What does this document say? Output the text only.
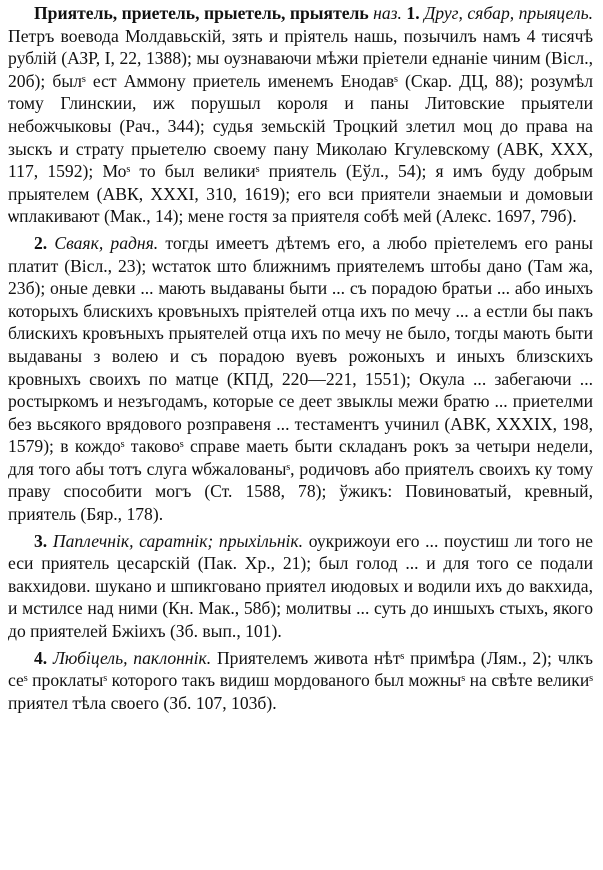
Приятель, приетель, прыетель, прыятель наз. 1. Друг, сябар, прыяцель. Петръ воевода Молдавьскій, зять и пріятель нашь, позычилъ намъ 4 тисячѣ рублій (АЗР, I, 22, 1388); мы оузнаваючи мѣжи пріетели еднаніе чиним (Вісл., 20б); былˢ ест Аммону приетель именемъ Енодавˢ (Скар. ДЦ, 88); розумѣл тому Глинскии, иж порушыл короля и паны Литовские прыятели небожчыковы (Рач., 344); судья земьскій Троцкий злетил моц до права на зыскъ и страту прыетелю своему пану Миколаю Кгулевскому (АВК, ХХХ, 117, 1592); Моˢ то был великиˢ приятель (Еўл., 54); я имъ буду добрым прыятелем (АВК, ХХХI, 310, 1619); его вси приятели знаемыи и домовыи ѡплакивают (Мак., 14); мене гостя за приятеля собѣ мей (Алекс. 1697, 79б).

2. Сваяк, радня. тогды имеетъ дѣтемъ его, а любо прiетелемъ его раны платит (Вісл., 23); ѡстаток што ближнимъ приятелемъ штобы дано (Там жа, 23б); оные девки ... мають выдаваны быти ... съ порадою братьи ... або иныхъ которыхъ блискихъ кровъныхъ пріятелей отца ихъ по мечу ... а естли бы пакъ блискихъ кровъныхъ прыятелей отца ихъ по мечу не было, тогды мають быти выдаваны з волею и съ порадою вуевъ рожоныхъ и иныхъ близскихъ кровныхъ своихъ по матце (КПД, 220—221, 1551); Окула ... забегаючи ... ростыркомъ и незъгодамъ, которые се деет звыклы межи братю ... приетелми без вьсякого врядового розправеня ... тестаментъ учинил (АВК, ХХХIХ, 198, 1579); в кождоˢ таковоˢ справе маеть быти складанъ рокъ за четыри недели, для того абы тотъ слуга ѡбжалованыˢ, родичовъ або приятелъ своихъ ку тому праву способити могъ (Ст. 1588, 78); ўжикъ: Повиноватый, кревный, приятель (Бяр., 178).

3. Паплечнік, саратнік; прыхільнік. оукрижоуи его ... поустиш ли того не еси приятель цесарскій (Пак. Хр., 21); был голод ... и для того се подали вакхидови. шукано и шпикговано приятел июдовых и водили ихъ до вакхида, и мстилсе над ними (Кн. Мак., 58б); молитвы ... суть до иншыхъ стыхъ, якого до приятелей Бжіихъ (Зб. вып., 101).

4. Любіцель, паклоннік. Приятелемъ живота нѣтˢ примѣра (Лям., 2); члкъ сеˢ проклатыˢ которого такъ видиш мордованого был можныˢ на свѣте великиˢ приятел тѣла своего (Зб. 107, 103б).
